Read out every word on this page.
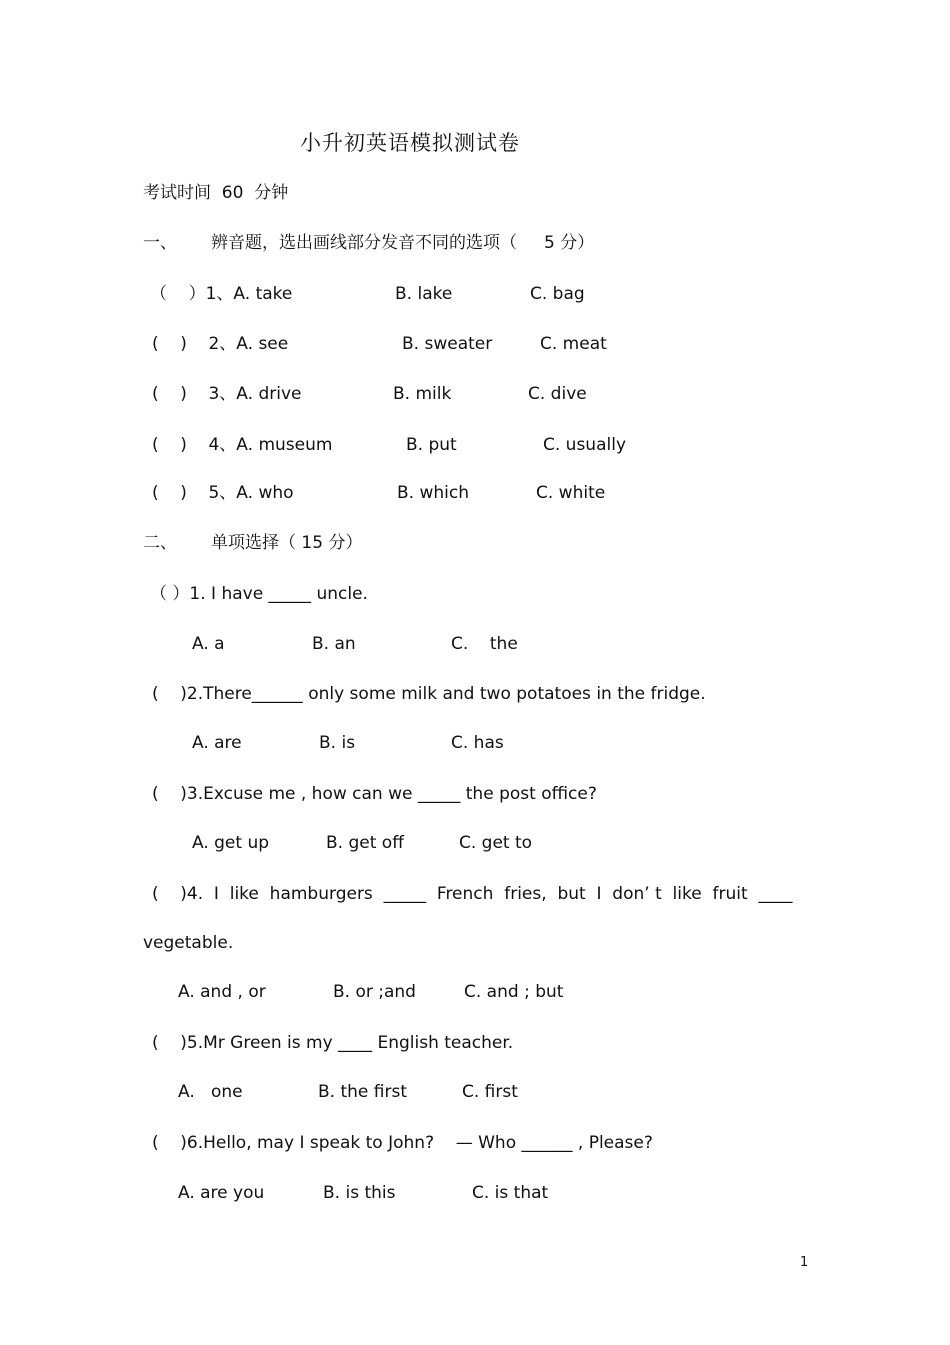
小升初英语模拟测试卷
考试时间  60  分钟
一、 辨音题，选出画线部分发音不同的选项（     5 分）
（    ）1、A. take	B. lake	C. bag
(    )    2、A. see	B. sweater	C. meat
(    )    3、A. drive	B. milk	C. dive
(    )    4、A. museum	B. put	C. usually
(    )    5、A. who	B. which	C. white
二、 单项选择（ 15 分）
（ ）1. I have _____ uncle.
A. a	B. an	C.    the
(    )2.There______ only some milk and two potatoes in the fridge.
A. are	B. is	C. has
(    )3.Excuse me , how can we _____ the post office?
A. get up	B. get off	C. get to
(    )4.  I  like  hamburgers  _____  French  fries,  but  I  don’ t  like  fruit  ____
vegetable.
A. and , or	B. or ;and	C. and ; but
(    )5.Mr Green is my ____ English teacher.
A.   one	B. the first	C. first
(    )6.Hello, may I speak to John?    — Who ______ , Please?
A. are you	B. is this	C. is that
1
